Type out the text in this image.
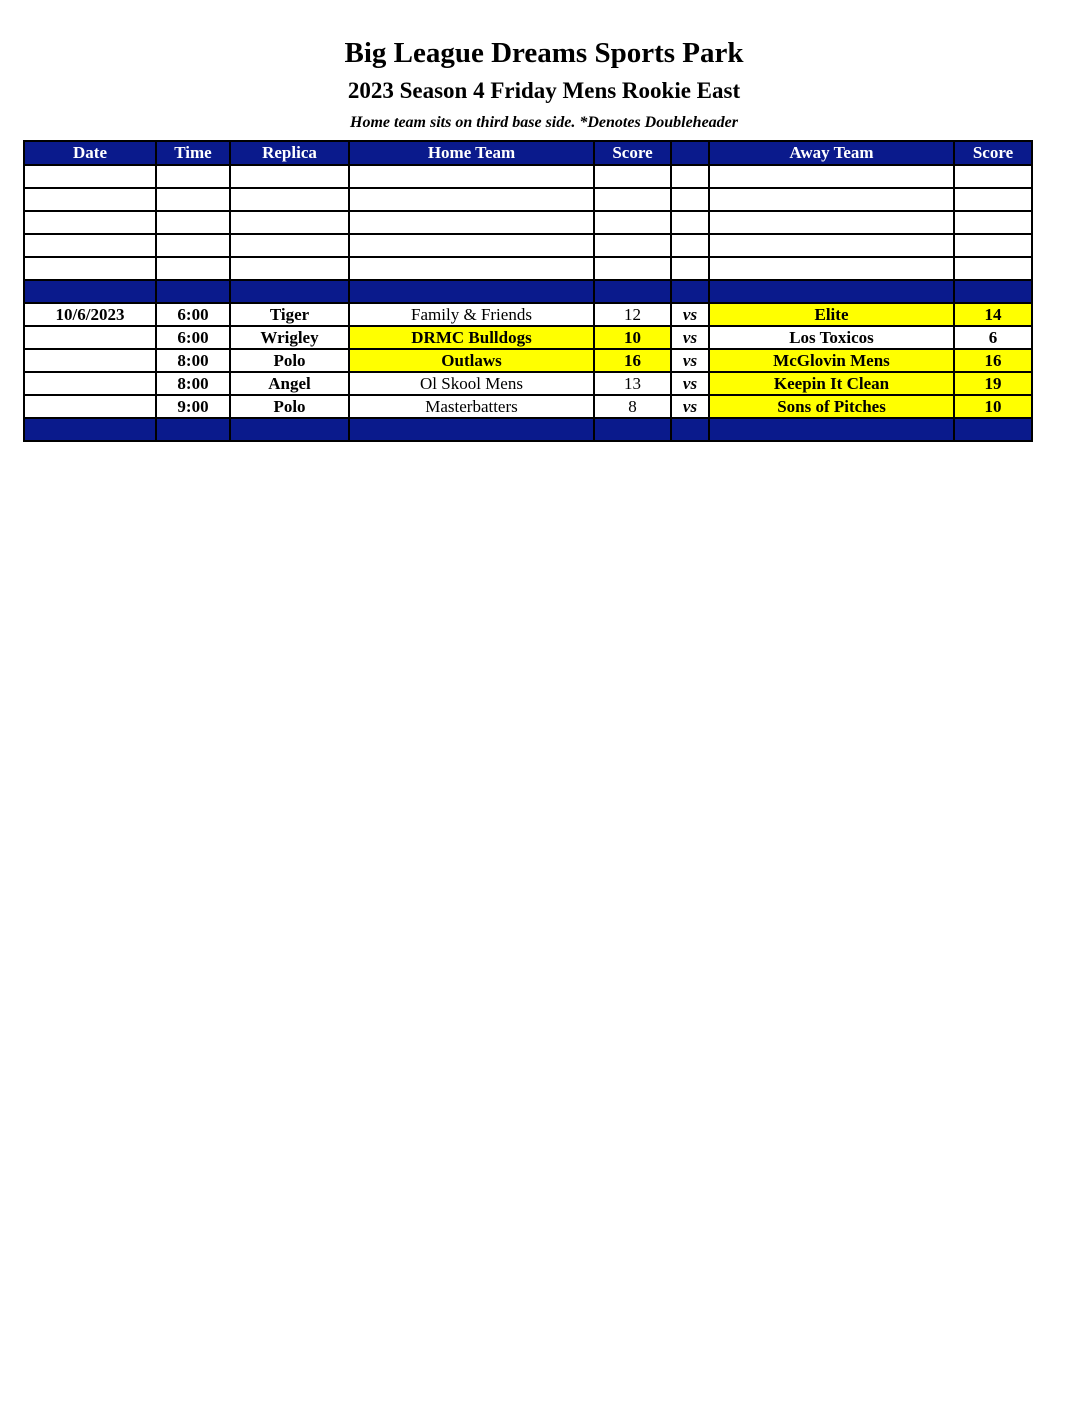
Big League Dreams Sports Park
2023 Season 4 Friday Mens Rookie East
Home team sits on third base side. *Denotes Doubleheader
Date	Time	Replica	Home Team	Score		Away Team	Score

10/6/2023	6:00	Tiger	Family & Friends	12	vs	Elite	14
	6:00	Wrigley	DRMC Bulldogs	10	vs	Los Toxicos	6
	8:00	Polo	Outlaws	16	vs	McGlovin Mens	16
	8:00	Angel	Ol Skool Mens	13	vs	Keepin It Clean	19
	9:00	Polo	Masterbatters	8	vs	Sons of Pitches	10
